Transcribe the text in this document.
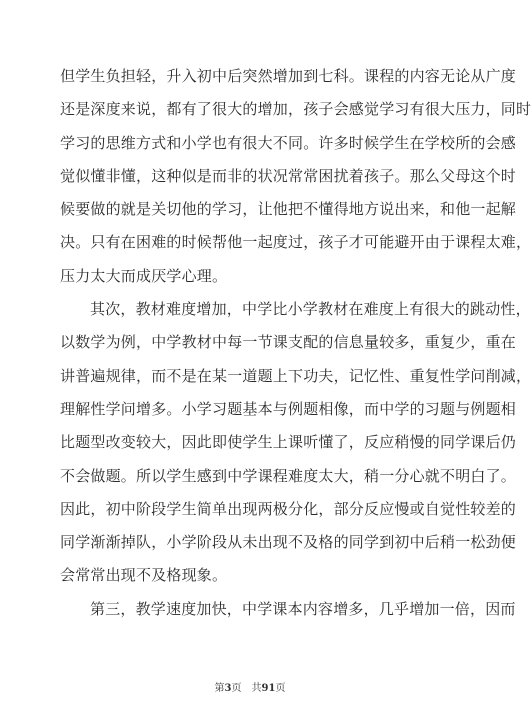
但学生负担轻，升入初中后突然增加到七科。课程的内容无论从广度
还是深度来说，都有了很大的增加，孩子会感觉学习有很大压力，同时
学习的思维方式和小学也有很大不同。许多时候学生在学校所的会感
觉似懂非懂，这种似是而非的状况常常困扰着孩子。那么父母这个时
候要做的就是关切他的学习，让他把不懂得地方说出来，和他一起解
决。只有在困难的时候帮他一起度过，孩子才可能避开由于课程太难，
压力太大而成厌学心理。
其次，教材难度增加，中学比小学教材在难度上有很大的跳动性，
以数学为例，中学教材中每一节课支配的信息量较多，重复少，重在
讲普遍规律，而不是在某一道题上下功夫，记忆性、重复性学问削减，
理解性学问增多。小学习题基本与例题相像，而中学的习题与例题相
比题型改变较大，因此即使学生上课听懂了，反应稍慢的同学课后仍
不会做题。所以学生感到中学课程难度太大，稍一分心就不明白了。
因此，初中阶段学生简单出现两极分化，部分反应慢或自觉性较差的
同学渐渐掉队，小学阶段从未出现不及格的同学到初中后稍一松劲便
会常常出现不及格现象。
第三，教学速度加快，中学课本内容增多，几乎增加一倍，因而
第3页 共91页
